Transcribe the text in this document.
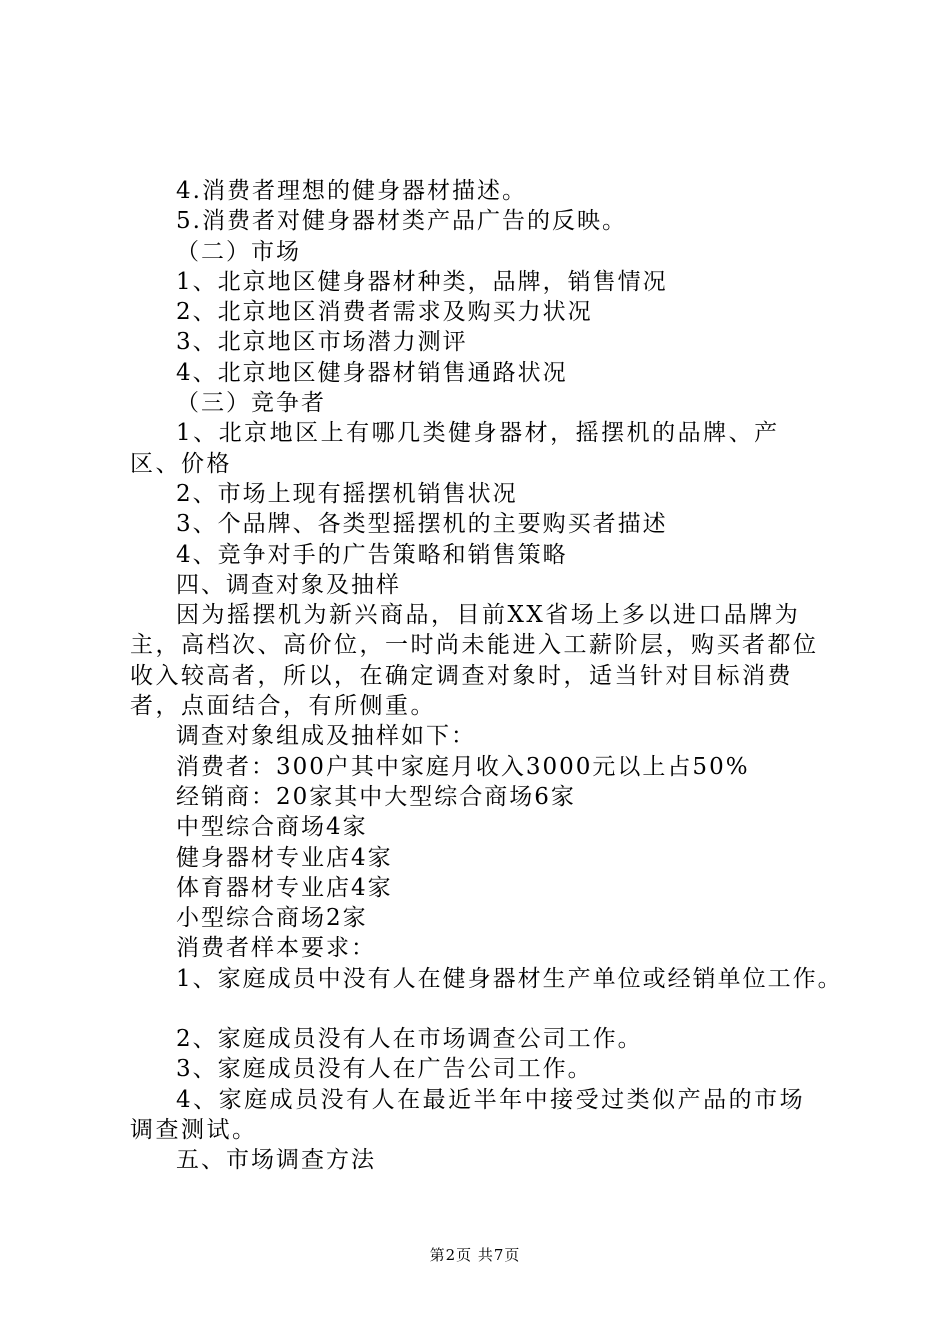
4.消费者理想的健身器材描述。
5.消费者对健身器材类产品广告的反映。
（二）市场
1、北京地区健身器材种类，品牌，销售情况
2、北京地区消费者需求及购买力状况
3、北京地区市场潜力测评
4、北京地区健身器材销售通路状况
（三）竞争者
1、北京地区上有哪几类健身器材，摇摆机的品牌、产区、价格
2、市场上现有摇摆机销售状况
3、个品牌、各类型摇摆机的主要购买者描述
4、竞争对手的广告策略和销售策略
四、调查对象及抽样
因为摇摆机为新兴商品，目前XX省场上多以进口品牌为主，高档次、高价位，一时尚未能进入工薪阶层，购买者都位收入较高者，所以，在确定调查对象时，适当针对目标消费者，点面结合，有所侧重。
调查对象组成及抽样如下：
消费者：300户其中家庭月收入3000元以上占50%
经销商：20家其中大型综合商场6家
中型综合商场4家
健身器材专业店4家
体育器材专业店4家
小型综合商场2家
消费者样本要求：
1、家庭成员中没有人在健身器材生产单位或经销单位工作。
2、家庭成员没有人在市场调查公司工作。
3、家庭成员没有人在广告公司工作。
4、家庭成员没有人在最近半年中接受过类似产品的市场调查测试。
五、市场调查方法
第2页 共7页
